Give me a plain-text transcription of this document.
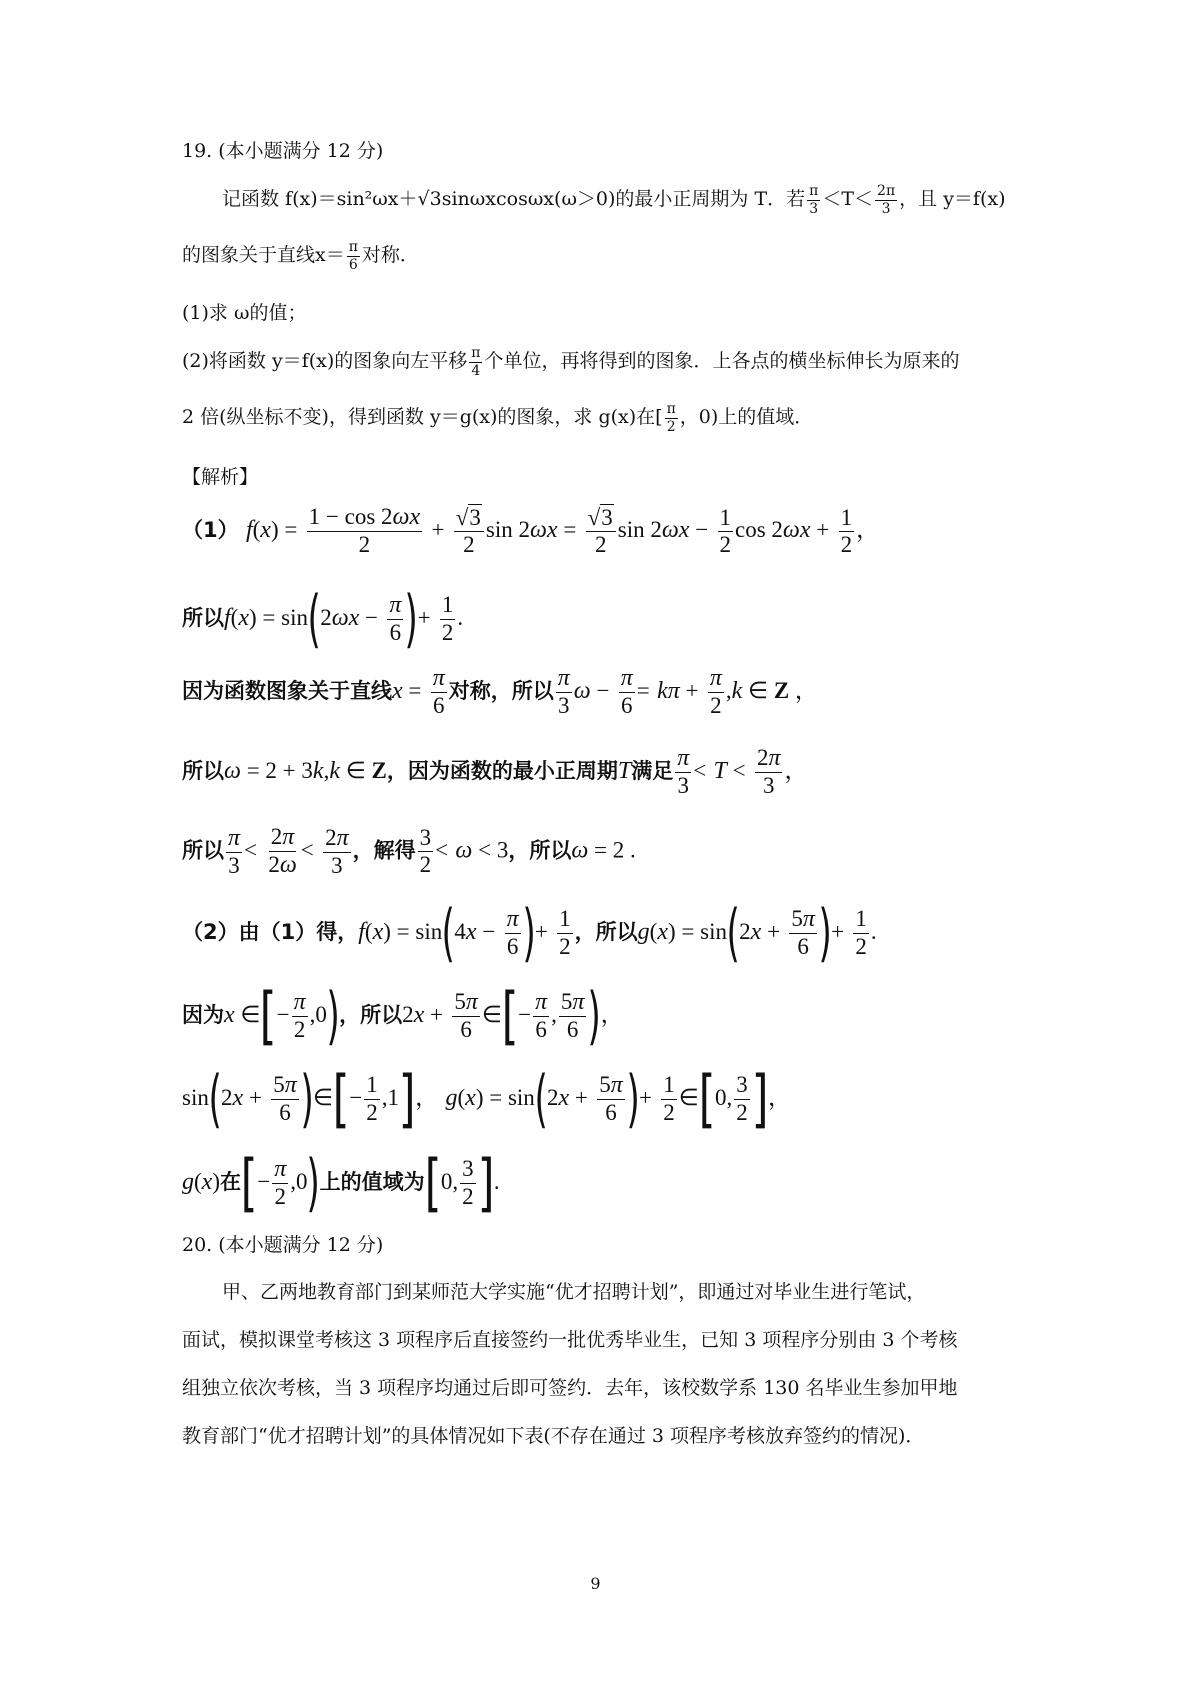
19. (本小题满分 12 分)
记函数 f(x)＝sin²ωx＋√3sinωxcosωx(ω＞0)的最小正周期为 T．若 $\frac{\pi}{3} <T< \frac{2\pi}{3}$ ，且 y＝f(x)
的图象关于直线$x= \frac{\pi}{6}$ 对称．
(1)求 ω的值；
(2)将函数 y＝f(x)的图象向左平移 $\frac{\pi}{4}$ 个单位，再将得到的图象．上各点的横坐标伸长为原来的
2 倍(纵坐标不变)，得到函数 y＝g(x)的图象，求 g(x)在[ $\frac{\pi}{2}$ ，0)上的值域．
【解析】
（1） $f(x) = \frac{1 - \cos 2\omega x}{2} + \frac{√3}{2}$ $\sin 2\omega x = \frac{√3}{2}$ $\sin 2\omega x - \frac{1}{2}$ $\cos 2\omega x + \frac{1}{2}$ ，
所以$f(x) = \sin(2\omega x - \frac{\pi}{6}$ )+ $\frac{1}{2}$ .
因为函数图象关于直线$x = \frac{\pi}{6}$ 对称，所以 $\frac{\pi}{3}$ $\omega - \frac{\pi}{6} = k\pi + \frac{\pi}{2} ,k$ ∈ Z ，
所以ω = 2 + 3k,k ∈ Z，因为函数的最小正周期T满足 $\frac{\pi}{3} < T < \frac{2\pi}{3}$ ，
所以 $\frac{\pi}{3} < \frac{2\pi}{2\omega} < \frac{2\pi}{3}$ ，解得 $\frac{3}{2} < \omega < 3$，所以ω = 2 .
（2）由（1）得，$f(x) = \sin(4x - \frac{\pi}{6}$ )+ $\frac{1}{2}$ ，所以$g(x) = \sin(2x + \frac{5\pi}{6}$ )+ $\frac{1}{2}$ .
因为x ∈[− $\frac{\pi}{2} ,0$)，所以$2x + \frac{5\pi}{6}$ ∈[− $\frac{\pi}{6}$ , $\frac{5\pi}{6}$ )，
$\sin(2x + \frac{5\pi}{6}$ )∈[− $\frac{1}{2} ,1$]， $g(x) = \sin(2x + \frac{5\pi}{6}$ )+ $\frac{1}{2}$ ∈[0, $\frac{3}{2}$ ]，
g(x)在[− $\frac{\pi}{2} ,0$)上的值域为[0, $\frac{3}{2}$ ].
20. (本小题满分 12 分)
甲、乙两地教育部门到某师范大学实施“优才招聘计划”，即通过对毕业生进行笔试，
面试，模拟课堂考核这 3 项程序后直接签约一批优秀毕业生，已知 3 项程序分别由 3 个考核
组独立依次考核，当 3 项程序均通过后即可签约．去年，该校数学系 130 名毕业生参加甲地
教育部门“优才招聘计划”的具体情况如下表(不存在通过 3 项程序考核放弃签约的情况)．
9
